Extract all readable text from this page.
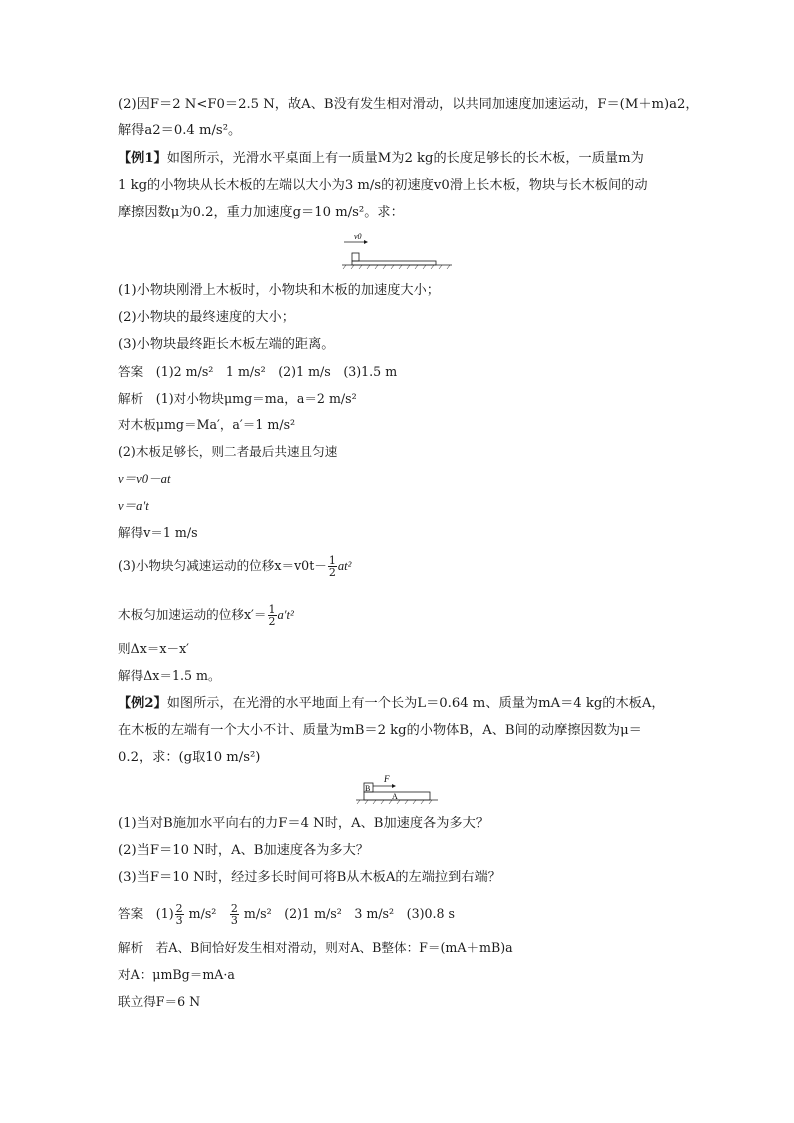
(2)因F＝2 N<F0＝2.5 N，故A、B没有发生相对滑动，以共同加速度加速运动，F＝(M＋m)a2，
解得a2＝0.4 m/s²。
【例1】如图所示，光滑水平桌面上有一质量M为2 kg的长度足够长的长木板，一质量m为
1 kg的小物块从长木板的左端以大小为3 m/s的初速度v0滑上长木板，物块与长木板间的动
摩擦因数μ为0.2，重力加速度g＝10 m/s²。求：
v0
(1)小物块刚滑上木板时，小物块和木板的加速度大小；
(2)小物块的最终速度的大小；
(3)小物块最终距长木板左端的距离。
答案　(1)2 m/s²　1 m/s²　(2)1 m/s　(3)1.5 m
解析　(1)对小物块μmg＝ma，a＝2 m/s²
对木板μmg＝Ma′，a′＝1 m/s²
(2)木板足够长，则二者最后共速且匀速
v＝v0－at
v＝a′t
解得v＝1 m/s
(3)小物块匀减速运动的位移$x=v0t- \frac{1}{2} at^2$
木板匀加速运动的位移$x'= \frac{1}{2} a't^2$
则Δx＝x－x′
解得Δx＝1.5 m。
【例2】如图所示，在光滑的水平地面上有一个长为L＝0.64 m、质量为mA＝4 kg的木板A，
在木板的左端有一个大小不计、质量为mB＝2 kg的小物体B，A、B间的动摩擦因数为μ＝
0.2，求：(g取10 m/s²)
F
B
A
(1)当对B施加水平向右的力F＝4 N时，A、B加速度各为多大？
(2)当F＝10 N时，A、B加速度各为多大？
(3)当F＝10 N时，经过多长时间可将B从木板A的左端拉到右端？
答案　$(1) \frac{2}{3} m/s^2$　 $\frac{2}{3} m/s^2$　(2)1 m/s²　3 m/s²　(3)0.8 s
解析　若A、B间恰好发生相对滑动，则对A、B整体：F＝(mA＋mB)a
对A：μmBg＝mA·a
联立得F＝6 N
